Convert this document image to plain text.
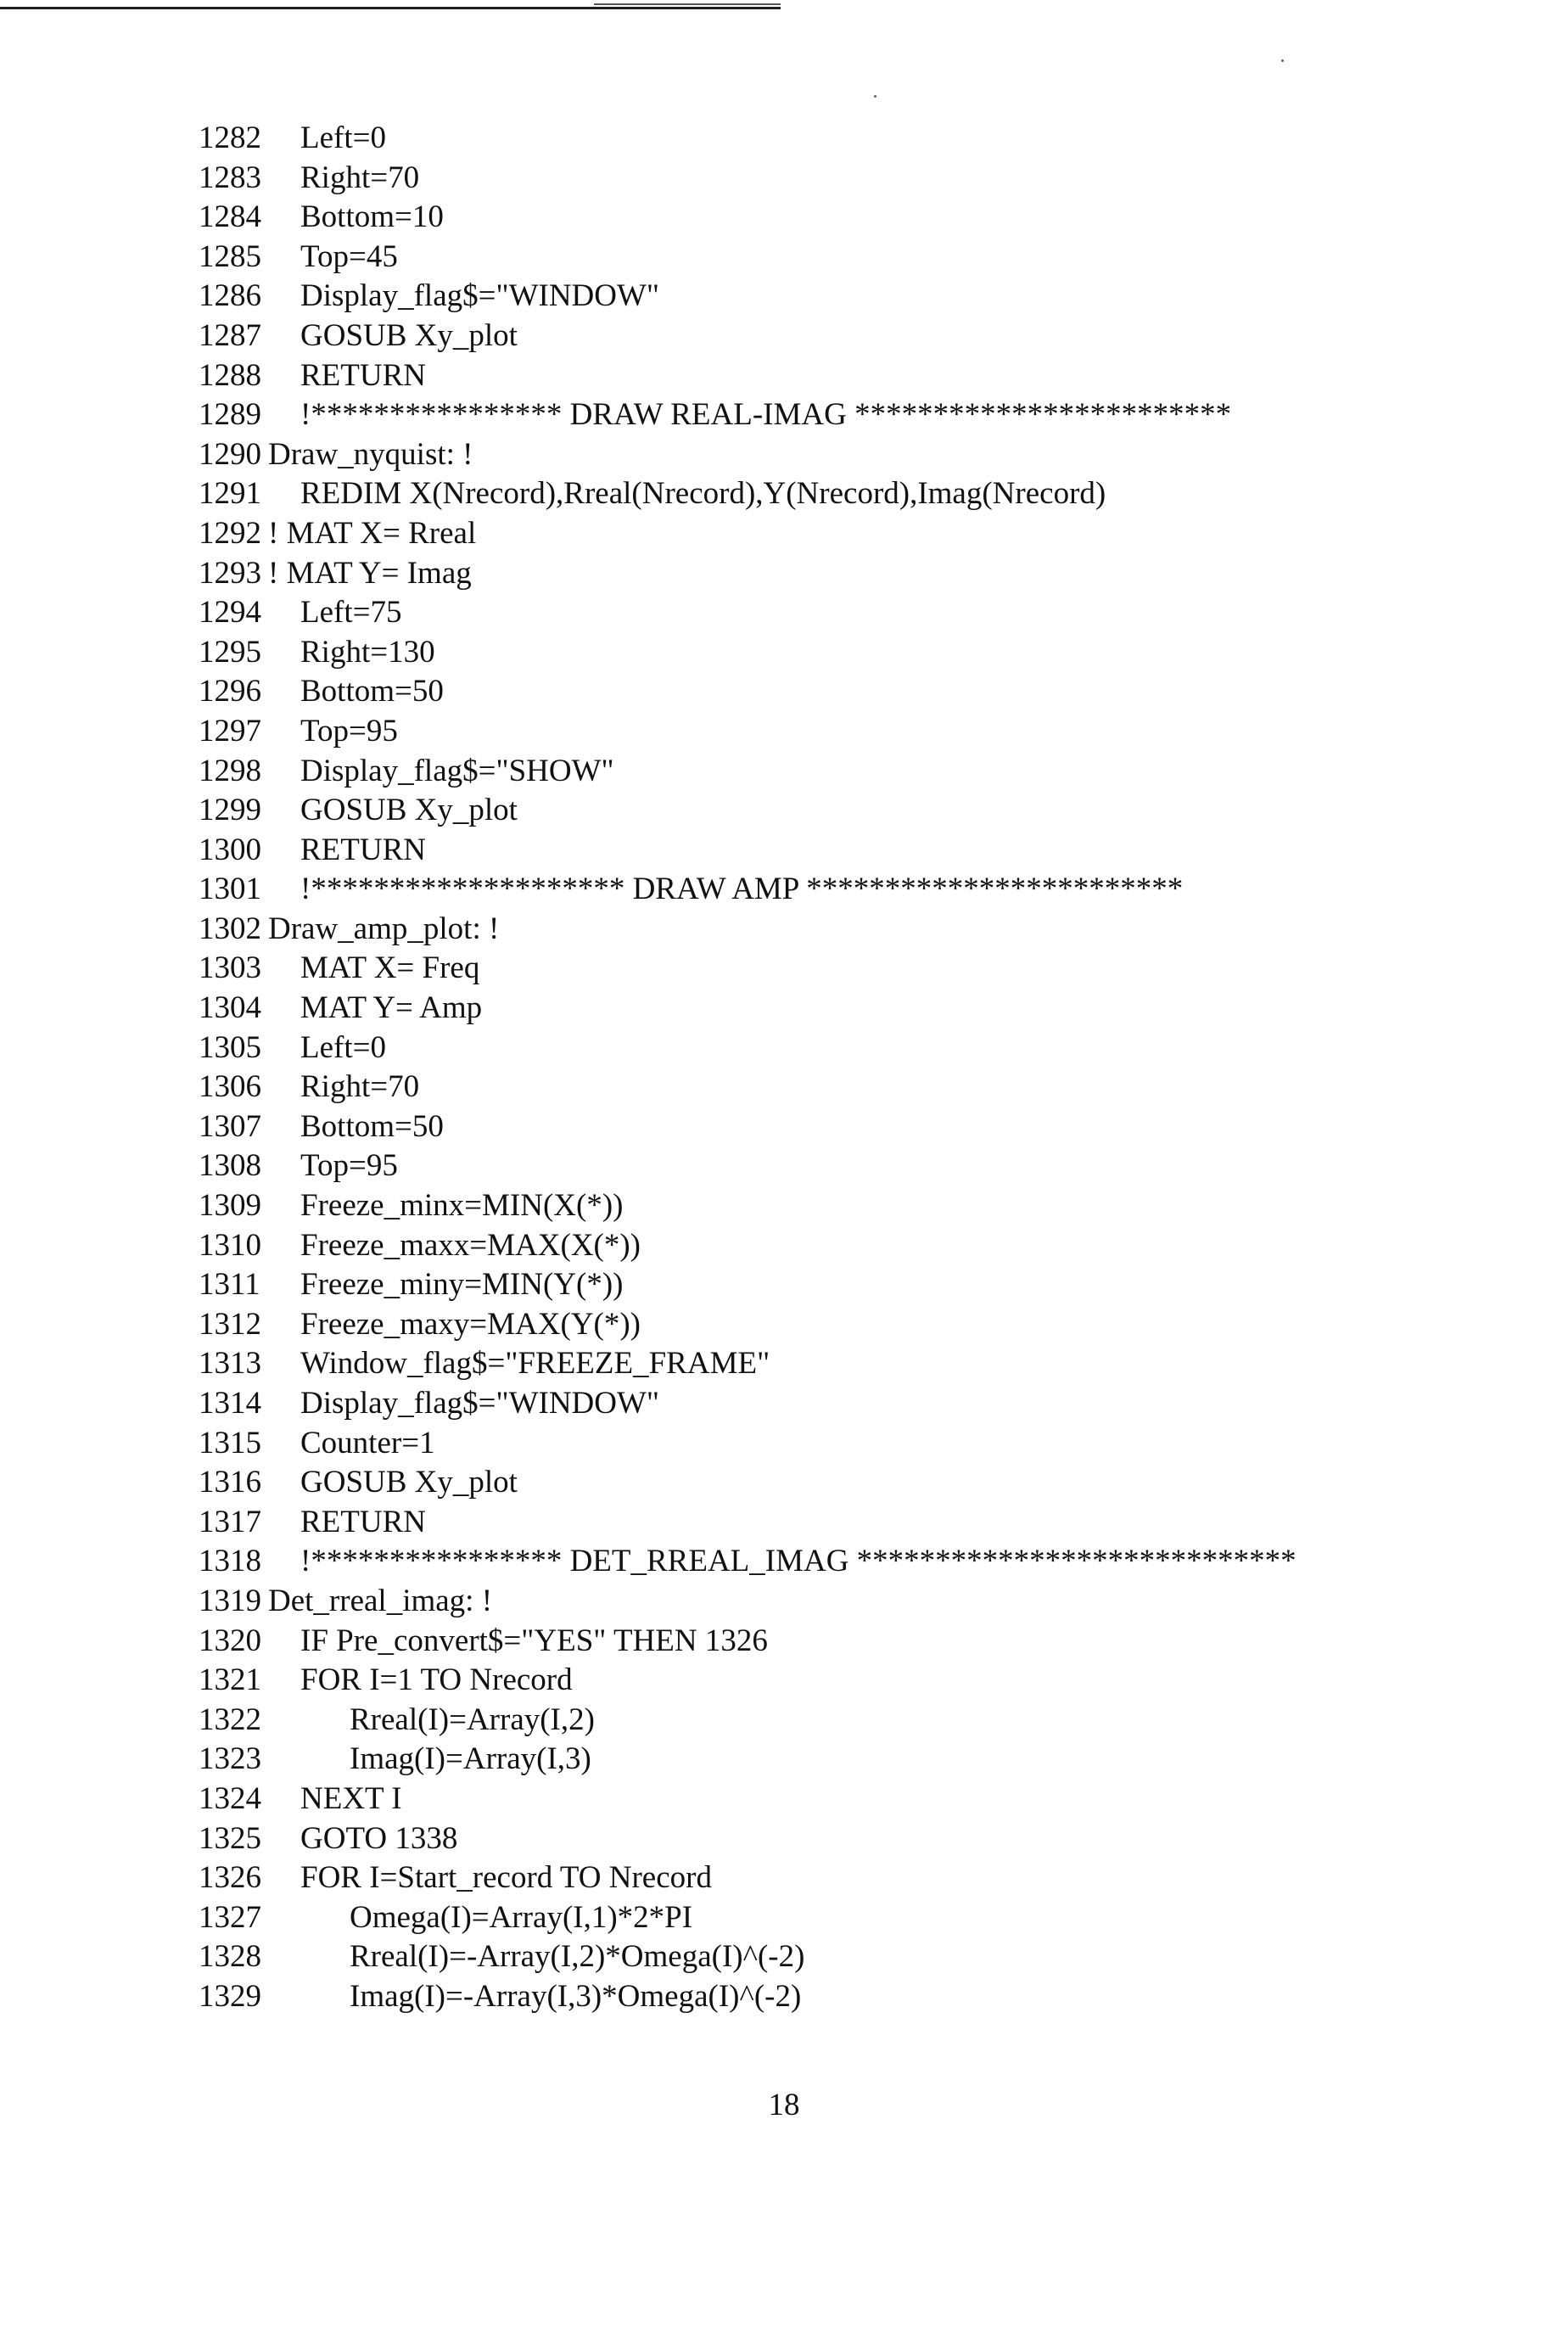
1282 Left=0
1283 Right=70
1284 Bottom=10
1285 Top=45
1286 Display_flag$="WINDOW"
1287 GOSUB Xy_plot
1288 RETURN
1289 !**************** DRAW REAL-IMAG ************************
1290 Draw_nyquist: !
1291 REDIM X(Nrecord),Rreal(Nrecord),Y(Nrecord),Imag(Nrecord)
1292 ! MAT X= Rreal
1293 ! MAT Y= Imag
1294 Left=75
1295 Right=130
1296 Bottom=50
1297 Top=95
1298 Display_flag$="SHOW"
1299 GOSUB Xy_plot
1300 RETURN
1301 !******************** DRAW AMP ************************
1302 Draw_amp_plot: !
1303 MAT X= Freq
1304 MAT Y= Amp
1305 Left=0
1306 Right=70
1307 Bottom=50
1308 Top=95
1309 Freeze_minx=MIN(X(*))
1310 Freeze_maxx=MAX(X(*))
1311 Freeze_miny=MIN(Y(*))
1312 Freeze_maxy=MAX(Y(*))
1313 Window_flag$="FREEZE_FRAME"
1314 Display_flag$="WINDOW"
1315 Counter=1
1316 GOSUB Xy_plot
1317 RETURN
1318 !**************** DET_RREAL_IMAG ****************************
1319 Det_rreal_imag: !
1320 IF Pre_convert$="YES" THEN 1326
1321 FOR I=1 TO Nrecord
1322	Rreal(I)=Array(I,2)
1323	Imag(I)=Array(I,3)
1324 NEXT I
1325 GOTO 1338
1326 FOR I=Start_record TO Nrecord
1327	Omega(I)=Array(I,1)*2*PI
1328	Rreal(I)=-Array(I,2)*Omega(I)^(-2)
1329	Imag(I)=-Array(I,3)*Omega(I)^(-2)
18
